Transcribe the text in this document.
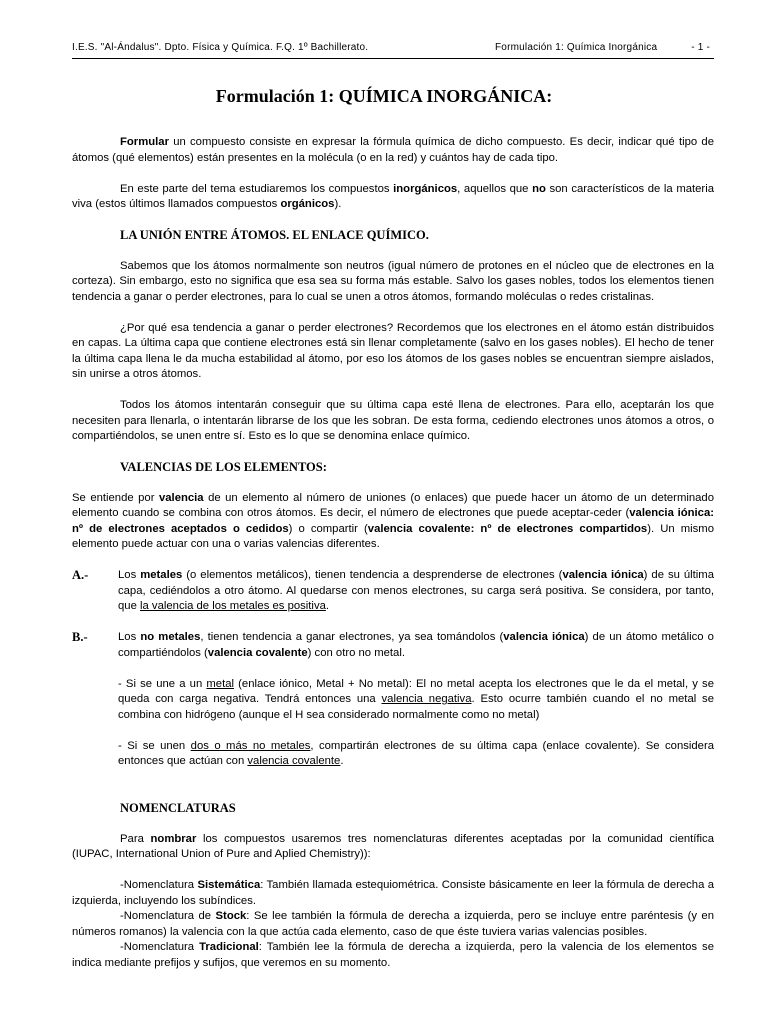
I.E.S. "Al-Ándalus". Dpto. Física y Química. F.Q. 1º Bachillerato.	Formulación 1: Química Inorgánica	- 1 -
Formulación 1: QUÍMICA INORGÁNICA:

Formular un compuesto consiste en expresar la fórmula química de dicho compuesto. Es decir, indicar qué tipo de átomos (qué elementos) están presentes en la molécula (o en la red) y cuántos hay de cada tipo.

En este parte del tema estudiaremos los compuestos inorgánicos, aquellos que no son característicos de la materia viva (estos últimos llamados compuestos orgánicos).

LA UNIÓN ENTRE ÁTOMOS. EL ENLACE QUÍMICO.

Sabemos que los átomos normalmente son neutros (igual número de protones en el núcleo que de electrones en la corteza). Sin embargo, esto no significa que esa sea su forma más estable. Salvo los gases nobles, todos los elementos tienen tendencia a ganar o perder electrones, para lo cual se unen a otros átomos, formando moléculas o redes cristalinas.

¿Por qué esa tendencia a ganar o perder electrones? Recordemos que los electrones en el átomo están distribuidos en capas. La última capa que contiene electrones está sin llenar completamente (salvo en los gases nobles). El hecho de tener la última capa llena le da mucha estabilidad al átomo, por eso los átomos de los gases nobles se encuentran siempre aislados, sin unirse a otros átomos.

Todos los átomos intentarán conseguir que su última capa esté llena de electrones. Para ello, aceptarán los que necesiten para llenarla, o intentarán librarse de los que les sobran. De esta forma, cediendo electrones unos átomos a otros, o compartiéndolos, se unen entre sí. Esto es lo que se denomina enlace químico.

VALENCIAS DE LOS ELEMENTOS:

Se entiende por valencia de un elemento al número de uniones (o enlaces) que puede hacer un átomo de un determinado elemento cuando se combina con otros átomos. Es decir, el número de electrones que puede aceptar-ceder (valencia iónica: nº de electrones aceptados o cedidos) o compartir (valencia covalente: nº de electrones compartidos). Un mismo elemento puede actuar con una o varias valencias diferentes.

A.-	Los metales (o elementos metálicos), tienen tendencia a desprenderse de electrones (valencia iónica) de su última capa, cediéndolos a otro átomo. Al quedarse con menos electrones, su carga será positiva. Se considera, por tanto, que la valencia de los metales es positiva.

B.-	Los no metales, tienen tendencia a ganar electrones, ya sea tomándolos (valencia iónica) de un átomo metálico o compartiéndolos (valencia covalente) con otro no metal.

- Si se une a un metal (enlace iónico, Metal + No metal): El no metal acepta los electrones que le da el metal, y se queda con carga negativa. Tendrá entonces una valencia negativa. Esto ocurre también cuando el no metal se combina con hidrógeno (aunque el H sea considerado normalmente como no metal)

- Si se unen dos o más no metales, compartirán electrones de su última capa (enlace covalente). Se considera entonces que actúan con valencia covalente.

NOMENCLATURAS

Para nombrar los compuestos usaremos tres nomenclaturas diferentes aceptadas por la comunidad científica (IUPAC, International Union of Pure and Aplied Chemistry)):

-Nomenclatura Sistemática: También llamada estequiométrica. Consiste básicamente en leer la fórmula de derecha a izquierda, incluyendo los subíndices.

-Nomenclatura de Stock: Se lee también la fórmula de derecha a izquierda, pero se incluye entre paréntesis (y en números romanos) la valencia con la que actúa cada elemento, caso de que éste tuviera varias valencias posibles.

-Nomenclatura Tradicional: También lee la fórmula de derecha a izquierda, pero la valencia de los elementos se indica mediante prefijos y sufijos, que veremos en su momento.
